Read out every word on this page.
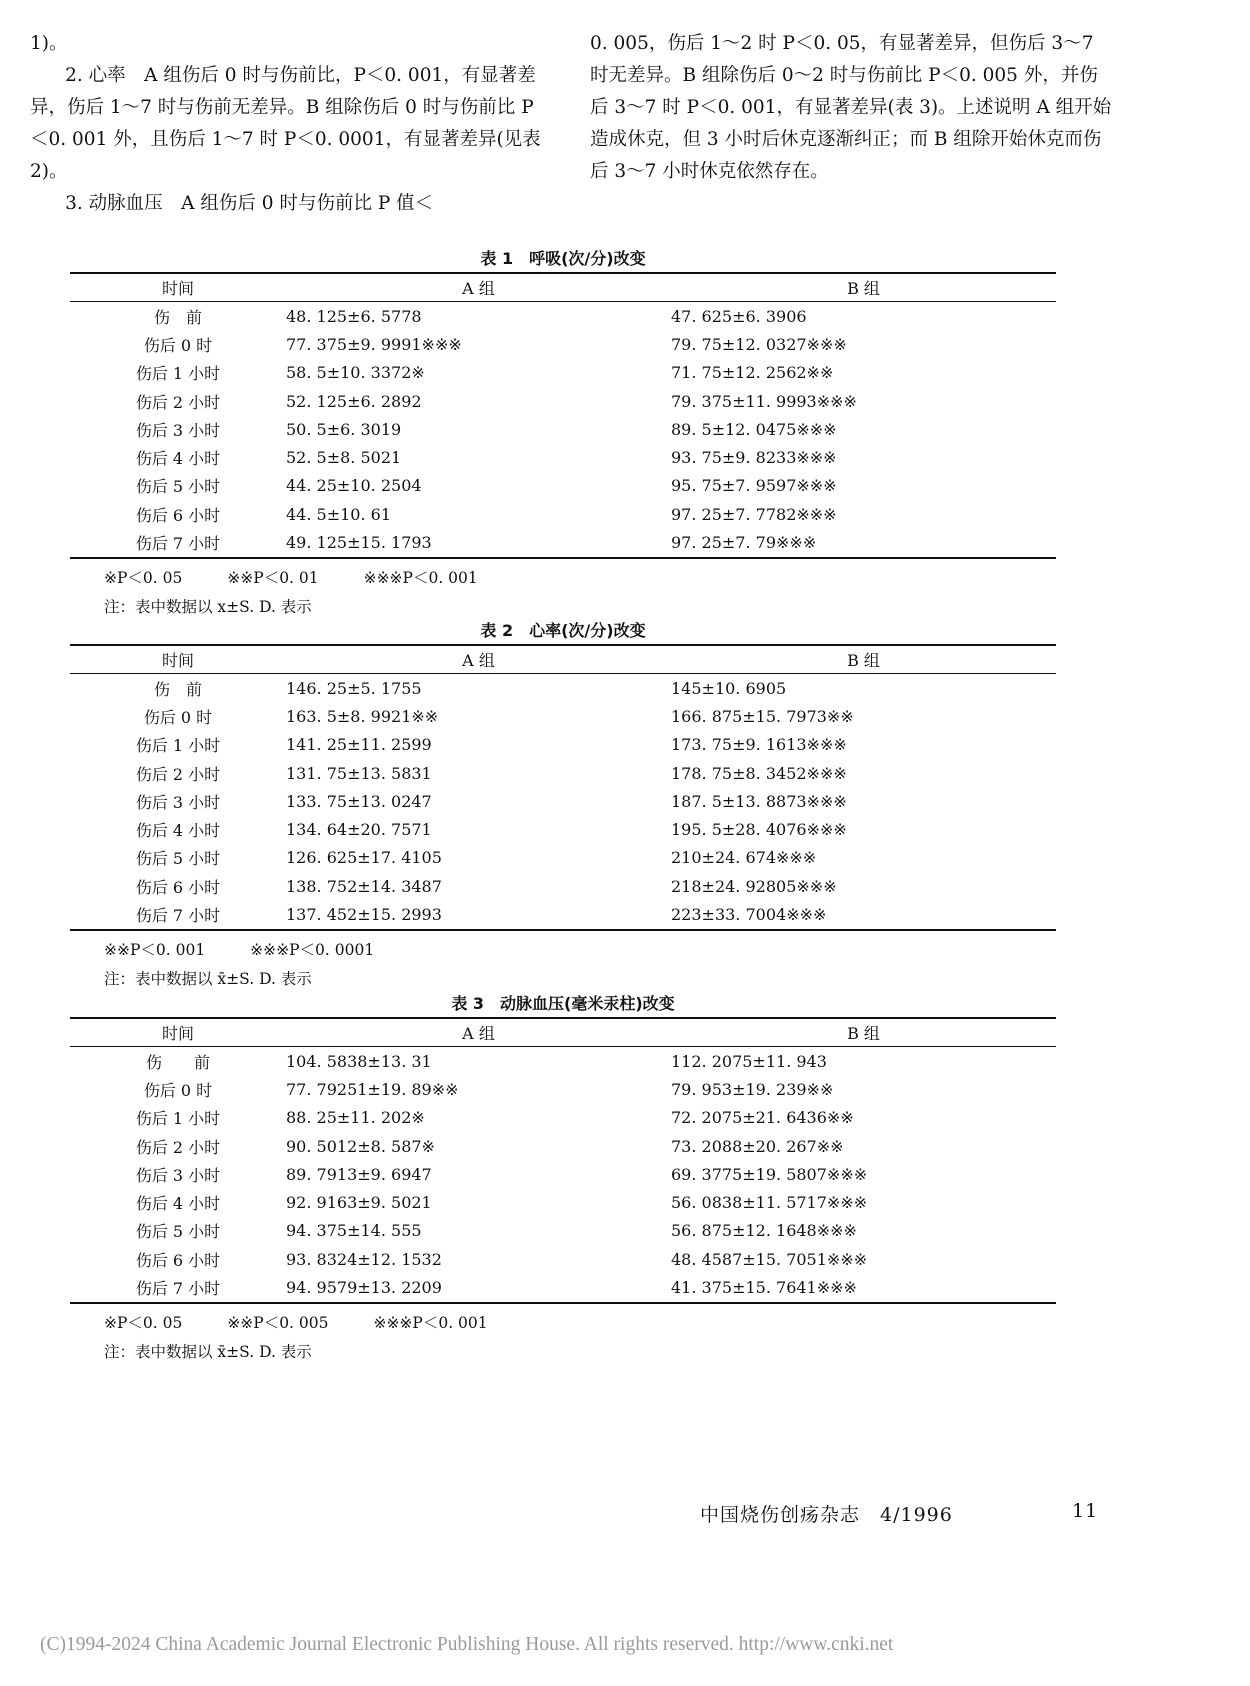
1)。

2. 心率　A 组伤后 0 时与伤前比，P＜0. 001，有显著差异，伤后 1～7 时与伤前无差异。B 组除伤后 0 时与伤前比 P＜0. 001 外，且伤后 1～7 时 P＜0. 0001，有显著差异(见表 2)。

3. 动脉血压　A 组伤后 0 时与伤前比 P 值＜

0. 005，伤后 1～2 时 P＜0. 05，有显著差异，但伤后 3～7 时无差异。B 组除伤后 0～2 时与伤前比 P＜0. 005 外，并伤后 3～7 时 P＜0. 001，有显著差异(表 3)。上述说明 A 组开始造成休克，但 3 小时后休克逐渐纠正；而 B 组除开始休克而伤后 3～7 小时休克依然存在。

表 1　呼吸(次/分)改变
时间	A 组	B 组
伤　前	48. 125±6. 5778	47. 625±6. 3906
伤后 0 时	77. 375±9. 9991※※※	79. 75±12. 0327※※※
伤后 1 小时	58. 5±10. 3372※	71. 75±12. 2562※※
伤后 2 小时	52. 125±6. 2892	79. 375±11. 9993※※※
伤后 3 小时	50. 5±6. 3019	89. 5±12. 0475※※※
伤后 4 小时	52. 5±8. 5021	93. 75±9. 8233※※※
伤后 5 小时	44. 25±10. 2504	95. 75±7. 9597※※※
伤后 6 小时	44. 5±10. 61	97. 25±7. 7782※※※
伤后 7 小时	49. 125±15. 1793	97. 25±7. 79※※※
※P＜0. 05	※※P＜0. 01	※※※P＜0. 001
注：表中数据以 x±S. D. 表示
表 2　心率(次/分)改变
时间	A 组	B 组
伤　前	146. 25±5. 1755	145±10. 6905
伤后 0 时	163. 5±8. 9921※※	166. 875±15. 7973※※
伤后 1 小时	141. 25±11. 2599	173. 75±9. 1613※※※
伤后 2 小时	131. 75±13. 5831	178. 75±8. 3452※※※
伤后 3 小时	133. 75±13. 0247	187. 5±13. 8873※※※
伤后 4 小时	134. 64±20. 7571	195. 5±28. 4076※※※
伤后 5 小时	126. 625±17. 4105	210±24. 674※※※
伤后 6 小时	138. 752±14. 3487	218±24. 92805※※※
伤后 7 小时	137. 452±15. 2993	223±33. 7004※※※
※※P＜0. 001	※※※P＜0. 0001
注：表中数据以 x̄±S. D. 表示
表 3　动脉血压(毫米汞柱)改变
时间	A 组	B 组
伤　　前	104. 5838±13. 31	112. 2075±11. 943
伤后 0 时	77. 79251±19. 89※※	79. 953±19. 239※※
伤后 1 小时	88. 25±11. 202※	72. 2075±21. 6436※※
伤后 2 小时	90. 5012±8. 587※	73. 2088±20. 267※※
伤后 3 小时	89. 7913±9. 6947	69. 3775±19. 5807※※※
伤后 4 小时	92. 9163±9. 5021	56. 0838±11. 5717※※※
伤后 5 小时	94. 375±14. 555	56. 875±12. 1648※※※
伤后 6 小时	93. 8324±12. 1532	48. 4587±15. 7051※※※
伤后 7 小时	94. 9579±13. 2209	41. 375±15. 7641※※※
※P＜0. 05	※※P＜0. 005	※※※P＜0. 001
注：表中数据以 x̄±S. D. 表示
中国烧伤创疡杂志　4/1996	11
(C)1994-2024 China Academic Journal Electronic Publishing House. All rights reserved. http://www.cnki.net
